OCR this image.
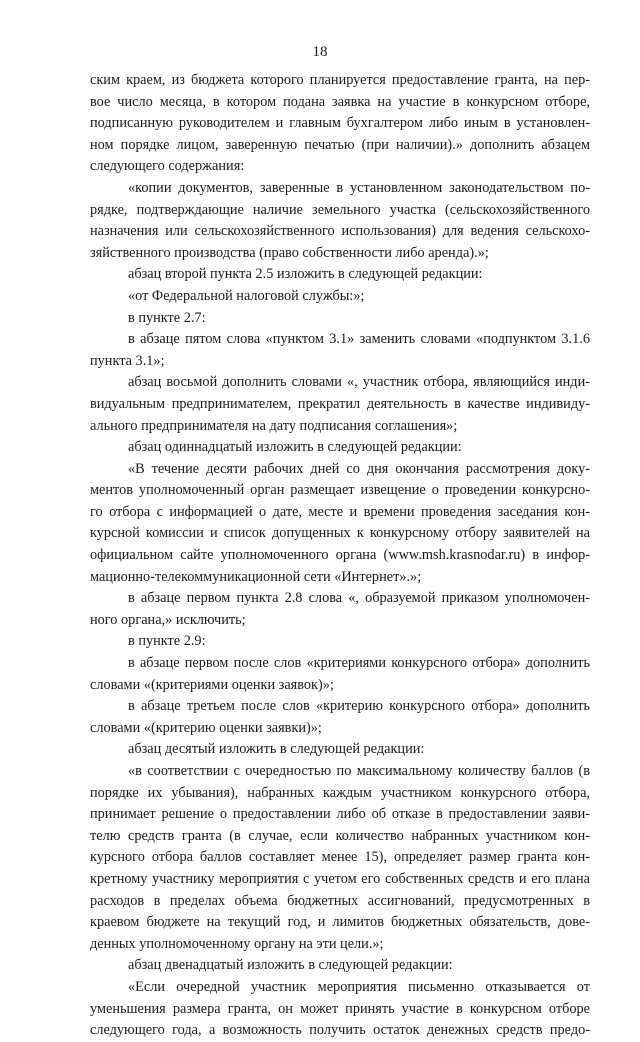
18
ским краем, из бюджета которого планируется предоставление гранта, на пер-
вое число месяца, в котором подана заявка на участие в конкурсном отборе,
подписанную руководителем и главным бухгалтером либо иным в установлен-
ном порядке лицом, заверенную печатью (при наличии).» дополнить абзацем
следующего содержания:
«копии документов, заверенные в установленном законодательством по-
рядке, подтверждающие наличие земельного участка (сельскохозяйственного
назначения или сельскохозяйственного использования) для ведения сельскохо-
зяйственного производства (право собственности либо аренда).»;
абзац второй пункта 2.5 изложить в следующей редакции:
«от Федеральной налоговой службы:»;
в пункте 2.7:
в абзаце пятом слова «пунктом 3.1» заменить словами «подпунктом 3.1.6
пункта 3.1»;
абзац восьмой дополнить словами «, участник отбора, являющийся инди-
видуальным предпринимателем, прекратил деятельность в качестве индивиду-
ального предпринимателя на дату подписания соглашения»;
абзац одиннадцатый изложить в следующей редакции:
«В течение десяти рабочих дней со дня окончания рассмотрения доку-
ментов уполномоченный орган размещает извещение о проведении конкурсно-
го отбора с информацией о дате, месте и времени проведения заседания кон-
курсной комиссии и список допущенных к конкурсному отбору заявителей на
официальном сайте уполномоченного органа (www.msh.krasnodar.ru) в инфор-
мационно-телекоммуникационной сети «Интернет».»;
в абзаце первом пункта 2.8 слова «, образуемой приказом уполномочен-
ного органа,» исключить;
в пункте 2.9:
в абзаце первом после слов «критериями конкурсного отбора» дополнить
словами «(критериями оценки заявок)»;
в абзаце третьем после слов «критерию конкурсного отбора» дополнить
словами «(критерию оценки заявки)»;
абзац десятый изложить в следующей редакции:
«в соответствии с очередностью по максимальному количеству баллов (в
порядке их убывания), набранных каждым участником конкурсного отбора,
принимает решение о предоставлении либо об отказе в предоставлении заяви-
телю средств гранта (в случае, если количество набранных участником кон-
курсного отбора баллов составляет менее 15), определяет размер гранта кон-
кретному участнику мероприятия с учетом его собственных средств и его плана
расходов в пределах объема бюджетных ассигнований, предусмотренных в
краевом бюджете на текущий год, и лимитов бюджетных обязательств, дове-
денных уполномоченному органу на эти цели.»;
абзац двенадцатый изложить в следующей редакции:
«Если очередной участник мероприятия письменно отказывается от
уменьшения размера гранта, он может принять участие в конкурсном отборе
следующего года, а возможность получить остаток денежных средств предо-
